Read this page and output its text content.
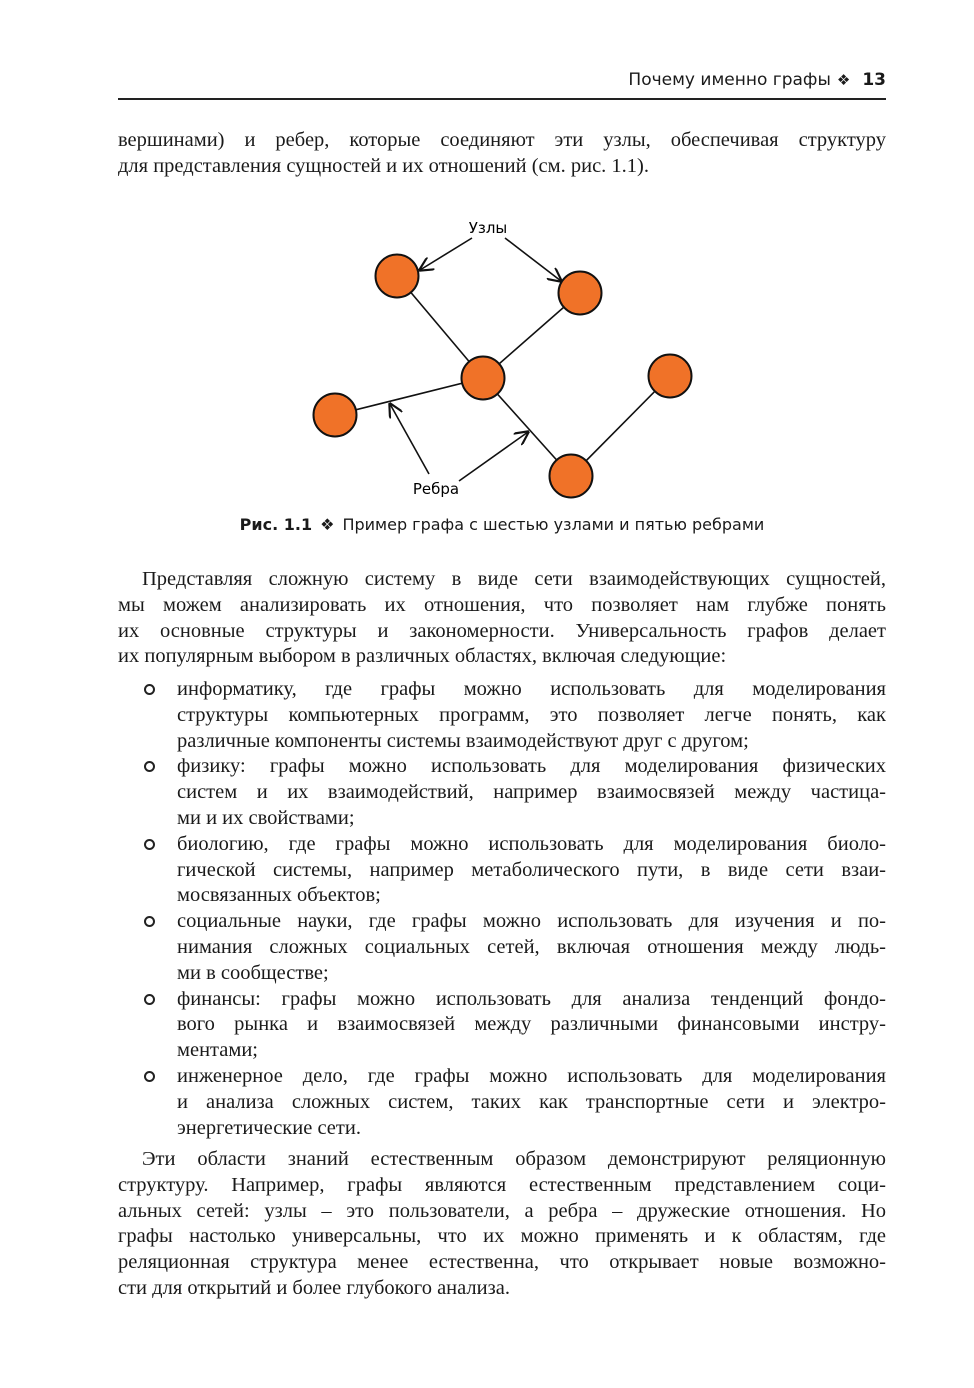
Почему именно графы ❖ 13
вершинами) и ребер, которые соединяют эти узлы, обеспечивая структуру
для представления сущностей и их отношений (см. рис. 1.1).
Узлы
Ребра
Рис. 1.1 ❖ Пример графа с шестью узлами и пятью ребрами
Представляя сложную систему в виде сети взаимодействующих сущностей,
мы можем анализировать их отношения, что позволяет нам глубже понять
их основные структуры и закономерности. Универсальность графов делает
их популярным выбором в различных областях, включая следующие:
информатику, где графы можно использовать для моделирования
структуры компьютерных программ, это позволяет легче понять, как
различные компоненты системы взаимодействуют друг с другом;
физику: графы можно использовать для моделирования физических
систем и их взаимодействий, например взаимосвязей между частица-
ми и их свойствами;
биологию, где графы можно использовать для моделирования биоло-
гической системы, например метаболического пути, в виде сети взаи-
мосвязанных объектов;
социальные науки, где графы можно использовать для изучения и по-
нимания сложных социальных сетей, включая отношения между людь-
ми в сообществе;
финансы: графы можно использовать для анализа тенденций фондо-
вого рынка и взаимосвязей между различными финансовыми инстру-
ментами;
инженерное дело, где графы можно использовать для моделирования
и анализа сложных систем, таких как транспортные сети и электро-
энергетические сети.
Эти области знаний естественным образом демонстрируют реляционную
структуру. Например, графы являются естественным представлением соци-
альных сетей: узлы – это пользователи, а ребра – дружеские отношения. Но
графы настолько универсальны, что их можно применять и к областям, где
реляционная структура менее естественна, что открывает новые возможно-
сти для открытий и более глубокого анализа.
